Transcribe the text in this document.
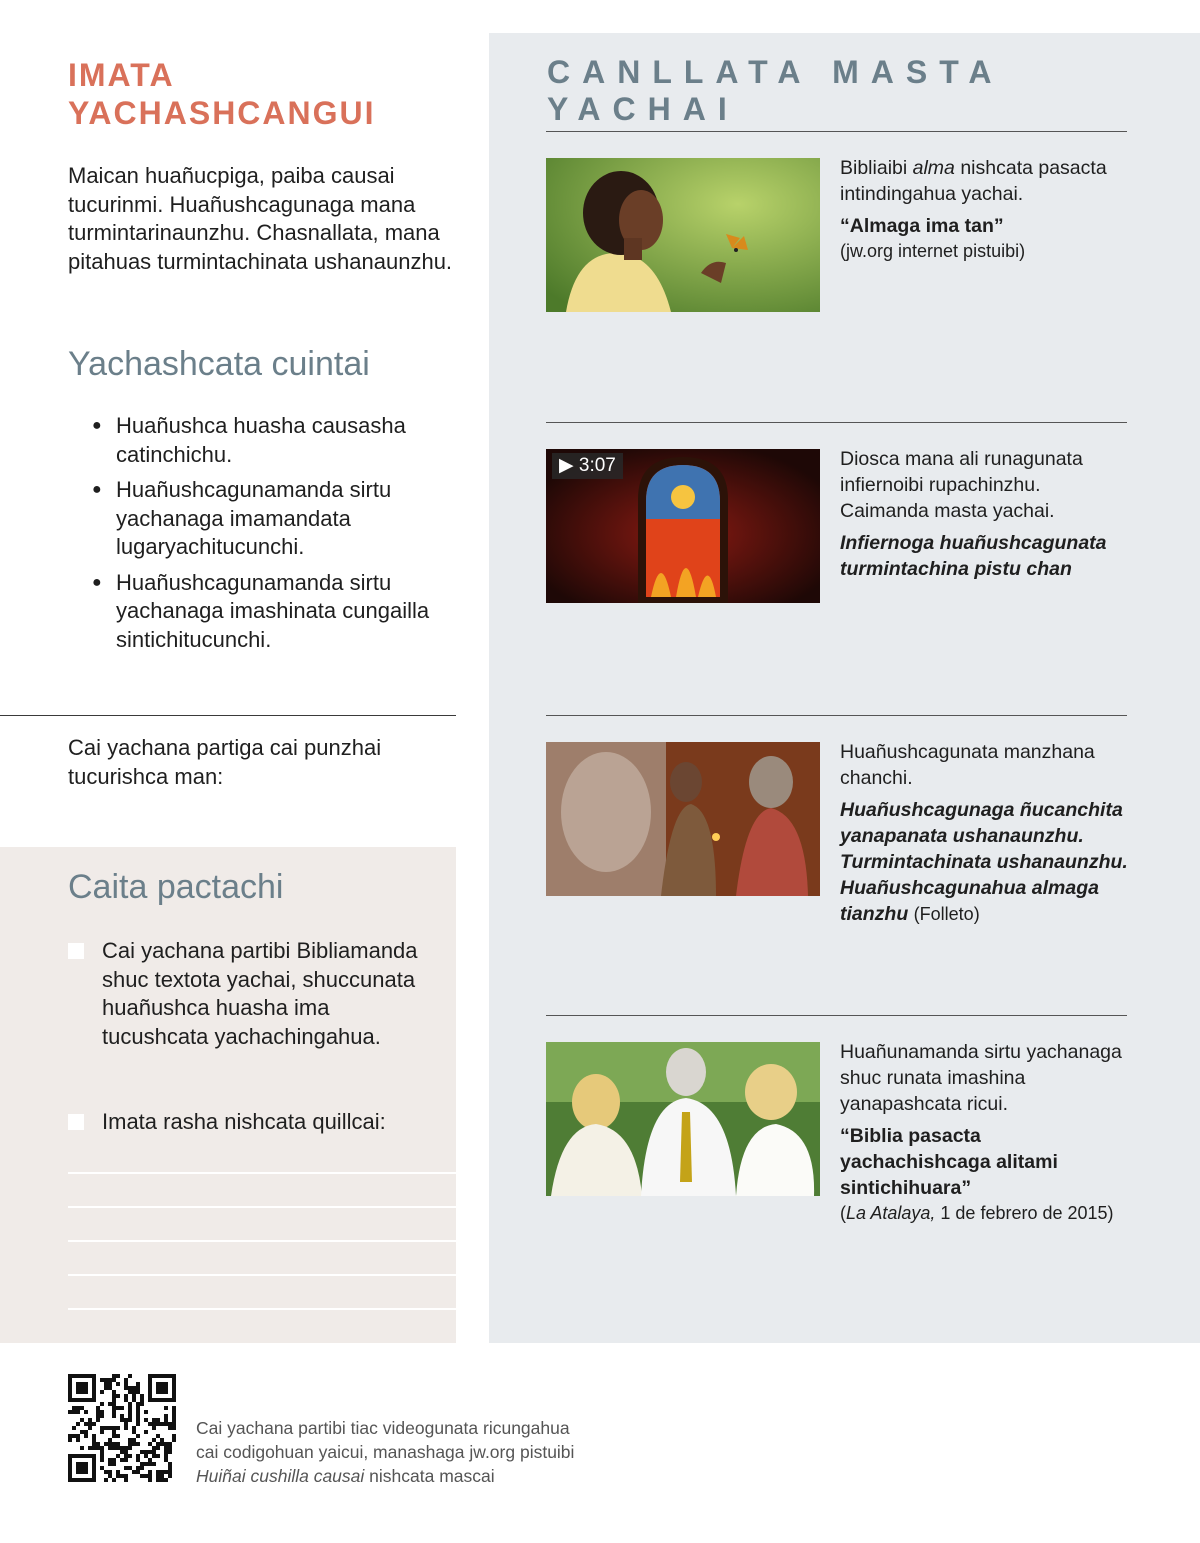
IMATA
YACHASHCANGUI

Maican huañucpiga, paiba causai tucurinmi. Huañushcagunaga mana turmintarinaunzhu. Chasnallata, mana pitahuas turmintachinata ushanaunzhu.

Yachashcata cuintai
● Huañushca huasha causasha catinchichu.
● Huañushcagunamanda sirtu yachanaga imamandata lugaryachitucunchi.
● Huañushcagunamanda sirtu yachanaga imashinata cungailla sintichitucunchi.

Cai yachana partiga cai punzhai tucurishca man:

Caita pactachi
Cai yachana partibi Bibliamanda shuc textota yachai, shuccunata huañushca huasha ima tucushcata yachachingahua.
Imata rasha nishcata quillcai:
CANLLATA MASTA YACHAI

Bibliaibi alma nishcata pasacta intindingahua yachai.

“Almaga ima tan”

(jw.org internet pistuibi)

▶ 3:07	Diosca mana ali runagunata infiernoibi rupachinzhu. Caimanda masta yachai.

Infiernoga huañushcagunata turmintachina pistu chan

Huañushcagunata manzhana chanchi.

Huañushcagunaga ñucanchita yanapanata ushanaunzhu. Turmintachinata ushanaunzhu. Huañushcagunahua almaga tianzhu (Folleto)

Huañunamanda sirtu yachanaga shuc runata imashina yanapashcata ricui.

“Biblia pasacta yachachishcaga alitami sintichihuara”

(La Atalaya, 1 de febrero de 2015)

Cai yachana partibi tiac videogunata ricungahua
cai codigohuan yaicui, manashaga jw.org pistuibi
Huiñai cushilla causai nishcata mascai
